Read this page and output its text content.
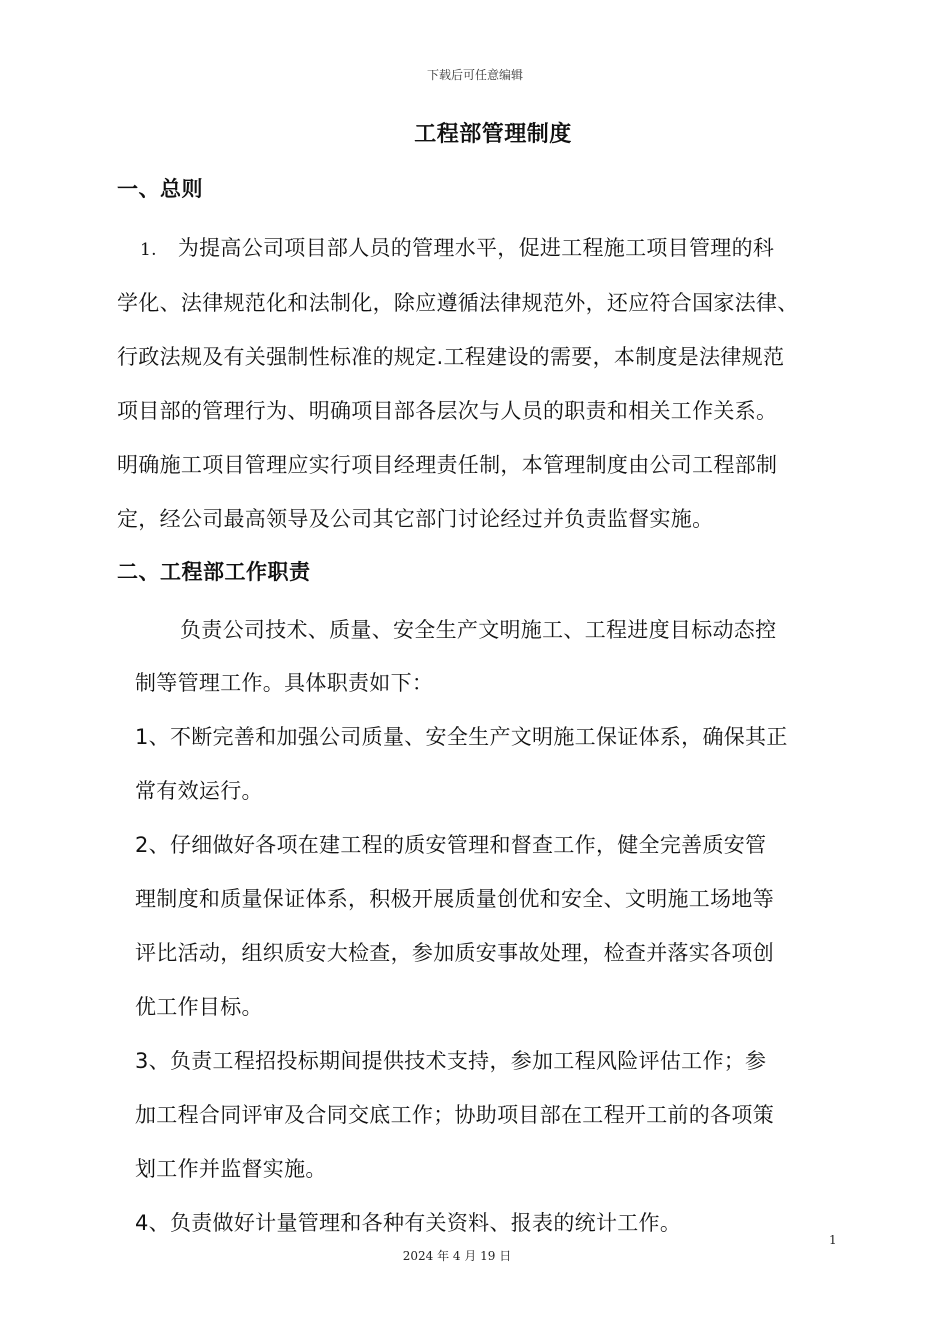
下载后可任意编辑
工程部管理制度
一、总则
1. 为提高公司项目部人员的管理水平，促进工程施工项目管理的科
学化、法律规范化和法制化，除应遵循法律规范外，还应符合国家法律、
行政法规及有关强制性标准的规定.工程建设的需要，本制度是法律规范
项目部的管理行为、明确项目部各层次与人员的职责和相关工作关系。
明确施工项目管理应实行项目经理责任制，本管理制度由公司工程部制
定，经公司最高领导及公司其它部门讨论经过并负责监督实施。
二、工程部工作职责
负责公司技术、质量、安全生产文明施工、工程进度目标动态控
制等管理工作。具体职责如下：
1、不断完善和加强公司质量、安全生产文明施工保证体系，确保其正
常有效运行。
2、仔细做好各项在建工程的质安管理和督查工作，健全完善质安管
理制度和质量保证体系，积极开展质量创优和安全、文明施工场地等
评比活动，组织质安大检查，参加质安事故处理，检查并落实各项创
优工作目标。
3、负责工程招投标期间提供技术支持，参加工程风险评估工作；参
加工程合同评审及合同交底工作；协助项目部在工程开工前的各项策
划工作并监督实施。
4、负责做好计量管理和各种有关资料、报表的统计工作。
1
2024 年 4 月 19 日
